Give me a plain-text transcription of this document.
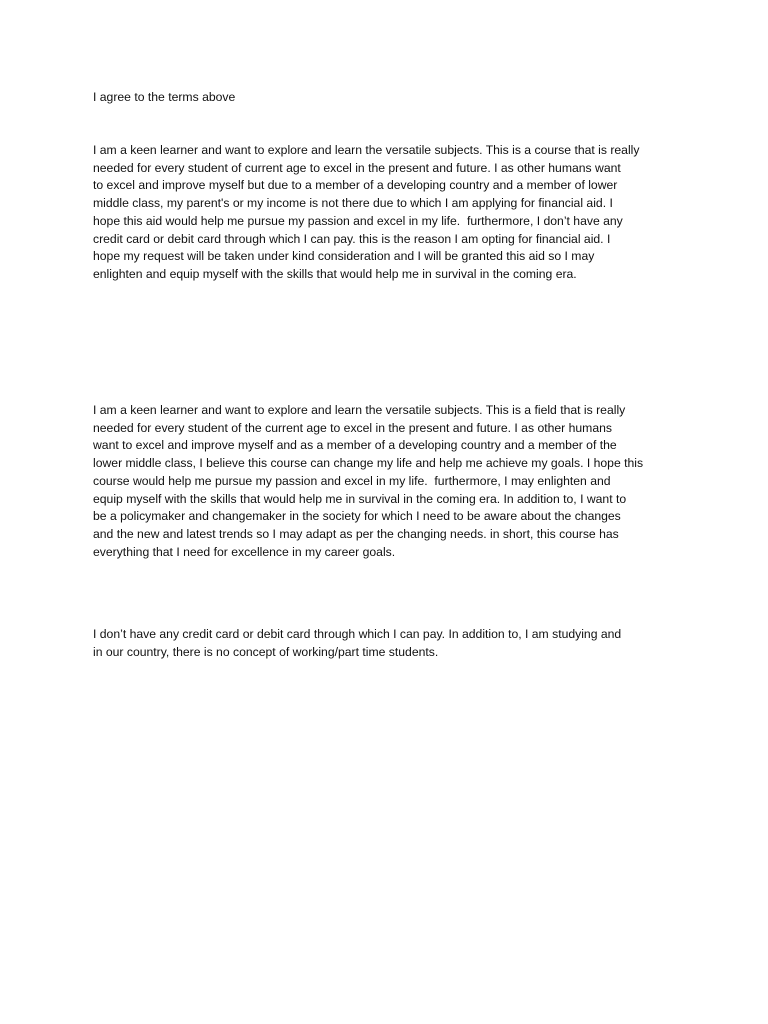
I agree to the terms above

I am a keen learner and want to explore and learn the versatile subjects. This is a course that is really
needed for every student of current age to excel in the present and future. I as other humans want
to excel and improve myself but due to a member of a developing country and a member of lower
middle class, my parent's or my income is not there due to which I am applying for financial aid. I
hope this aid would help me pursue my passion and excel in my life.  furthermore, I don’t have any
credit card or debit card through which I can pay. this is the reason I am opting for financial aid. I
hope my request will be taken under kind consideration and I will be granted this aid so I may
enlighten and equip myself with the skills that would help me in survival in the coming era.

I am a keen learner and want to explore and learn the versatile subjects. This is a field that is really
needed for every student of the current age to excel in the present and future. I as other humans
want to excel and improve myself and as a member of a developing country and a member of the
lower middle class, I believe this course can change my life and help me achieve my goals. I hope this
course would help me pursue my passion and excel in my life.  furthermore, I may enlighten and
equip myself with the skills that would help me in survival in the coming era. In addition to, I want to
be a policymaker and changemaker in the society for which I need to be aware about the changes
and the new and latest trends so I may adapt as per the changing needs. in short, this course has
everything that I need for excellence in my career goals.

I don’t have any credit card or debit card through which I can pay. In addition to, I am studying and
in our country, there is no concept of working/part time students.
